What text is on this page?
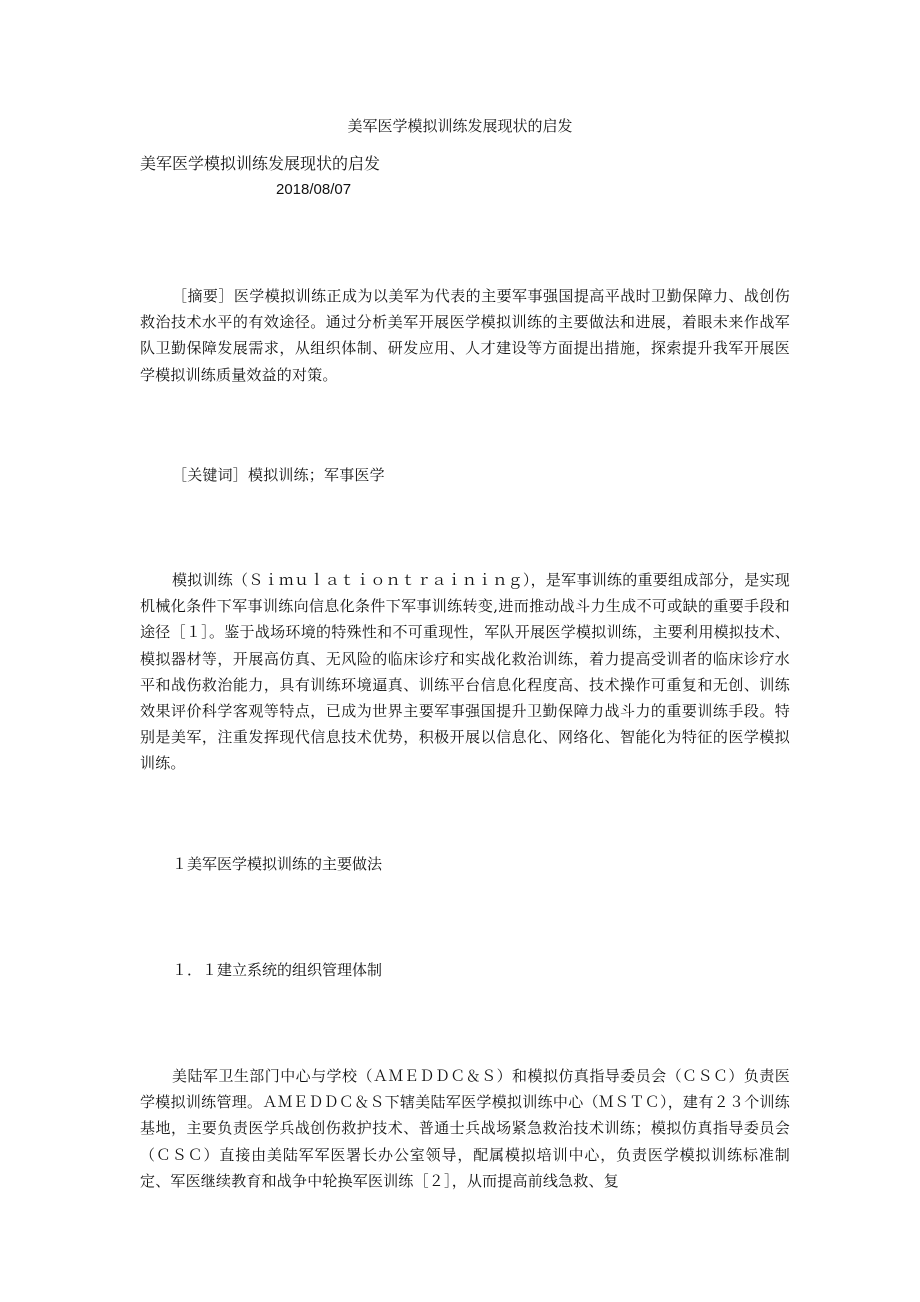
美军医学模拟训练发展现状的启发
美军医学模拟训练发展现状的启发
2018/08/07

［摘要］医学模拟训练正成为以美军为代表的主要军事强国提高平战时卫勤保障力、战创伤救治技术水平的有效途径。通过分析美军开展医学模拟训练的主要做法和进展，着眼未来作战军队卫勤保障发展需求，从组织体制、研发应用、人才建设等方面提出措施，探索提升我军开展医学模拟训练质量效益的对策。

［关键词］模拟训练；军事医学

模拟训练（Ｓｉｍｕｌａｔｉｏｎｔｒａｉｎｉｎｇ），是军事训练的重要组成部分，是实现机械化条件下军事训练向信息化条件下军事训练转变,进而推动战斗力生成不可或缺的重要手段和途径［１］。鉴于战场环境的特殊性和不可重现性，军队开展医学模拟训练，主要利用模拟技术、模拟器材等，开展高仿真、无风险的临床诊疗和实战化救治训练，着力提高受训者的临床诊疗水平和战伤救治能力，具有训练环境逼真、训练平台信息化程度高、技术操作可重复和无创、训练效果评价科学客观等特点，已成为世界主要军事强国提升卫勤保障力战斗力的重要训练手段。特别是美军，注重发挥现代信息技术优势，积极开展以信息化、网络化、智能化为特征的医学模拟训练。

１美军医学模拟训练的主要做法

１．１建立系统的组织管理体制

美陆军卫生部门中心与学校（ＡＭＥＤＤＣ＆Ｓ）和模拟仿真指导委员会（ＣＳＣ）负责医学模拟训练管理。ＡＭＥＤＤＣ＆Ｓ下辖美陆军医学模拟训练中心（ＭＳＴＣ），建有２３个训练基地，主要负责医学兵战创伤救护技术、普通士兵战场紧急救治技术训练；模拟仿真指导委员会（ＣＳＣ）直接由美陆军军医署长办公室领导，配属模拟培训中心，负责医学模拟训练标准制定、军医继续教育和战争中轮换军医训练［２］，从而提高前线急救、复
